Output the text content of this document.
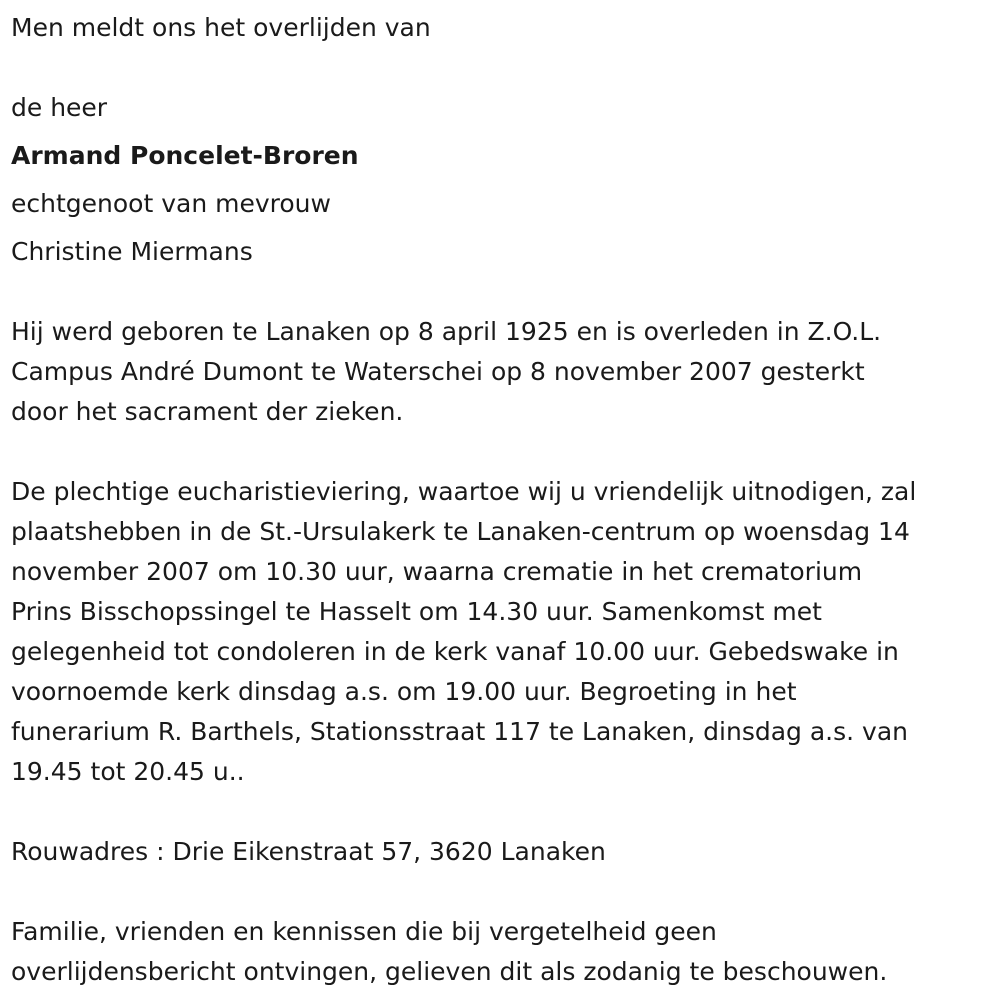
Men meldt ons het overlijden van
de heer
Armand Poncelet-Broren
echtgenoot van mevrouw
Christine Miermans

Hij werd geboren te Lanaken op 8 april 1925 en is overleden in Z.O.L.

Campus André Dumont te Waterschei op 8 november 2007 gesterkt

door het sacrament der zieken.

De plechtige eucharistieviering, waartoe wij u vriendelijk uitnodigen, zal

plaatshebben in de St.-Ursulakerk te Lanaken-centrum op woensdag 14

november 2007 om 10.30 uur, waarna crematie in het crematorium

Prins Bisschopssingel te Hasselt om 14.30 uur. Samenkomst met

gelegenheid tot condoleren in de kerk vanaf 10.00 uur. Gebedswake in

voornoemde kerk dinsdag a.s. om 19.00 uur. Begroeting in het

funerarium R. Barthels, Stationsstraat 117 te Lanaken, dinsdag a.s. van

19.45 tot 20.45 u..

Rouwadres : Drie Eikenstraat 57, 3620 Lanaken

Familie, vrienden en kennissen die bij vergetelheid geen

overlijdensbericht ontvingen, gelieven dit als zodanig te beschouwen.
